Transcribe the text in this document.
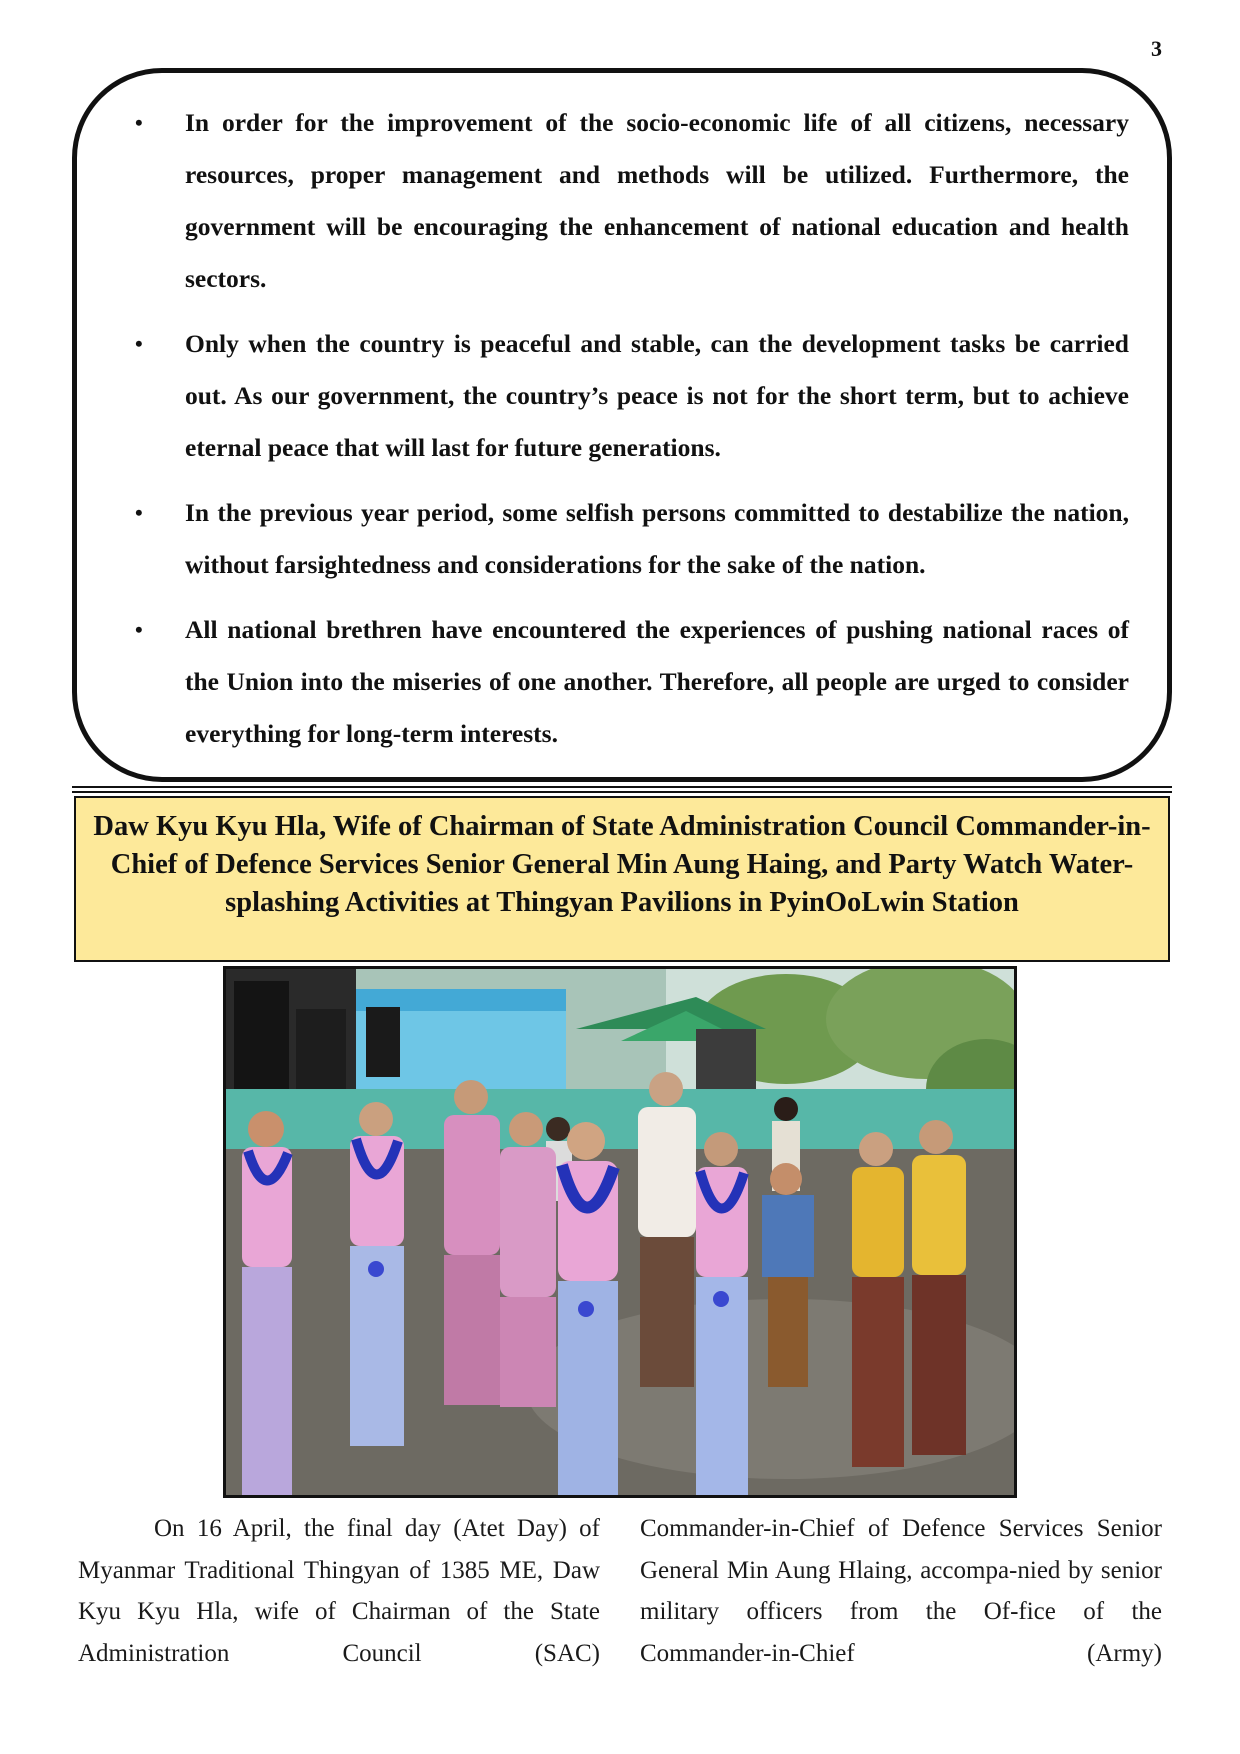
3
• In order for the improvement of the socio-economic life of all citizens, necessary resources, proper management and methods will be utilized. Furthermore, the government will be encouraging the enhancement of national education and health sectors.
• Only when the country is peaceful and stable, can the development tasks be carried out. As our government, the country’s peace is not for the short term, but to achieve eternal peace that will last for future generations.
• In the previous year period, some selfish persons committed to destabilize the nation, without farsightedness and considerations for the sake of the nation.
• All national brethren have encountered the experiences of pushing national races of the Union into the miseries of one another. Therefore, all people are urged to consider everything for long-term interests.
Daw Kyu Kyu Hla, Wife of Chairman of State Administration Council Commander-in-Chief of Defence Services Senior General Min Aung Haing, and Party Watch Water-splashing Activities at Thingyan Pavilions in PyinOoLwin Station

On 16 April, the final day (Atet Day) of Myanmar Traditional Thingyan of 1385 ME, Daw Kyu Kyu Hla, wife of Chairman of the State Administration Council (SAC)

Commander-in-Chief of Defence Services Senior General Min Aung Hlaing, accompa-nied by senior military officers from the Of-fice of the Commander-in-Chief (Army)
